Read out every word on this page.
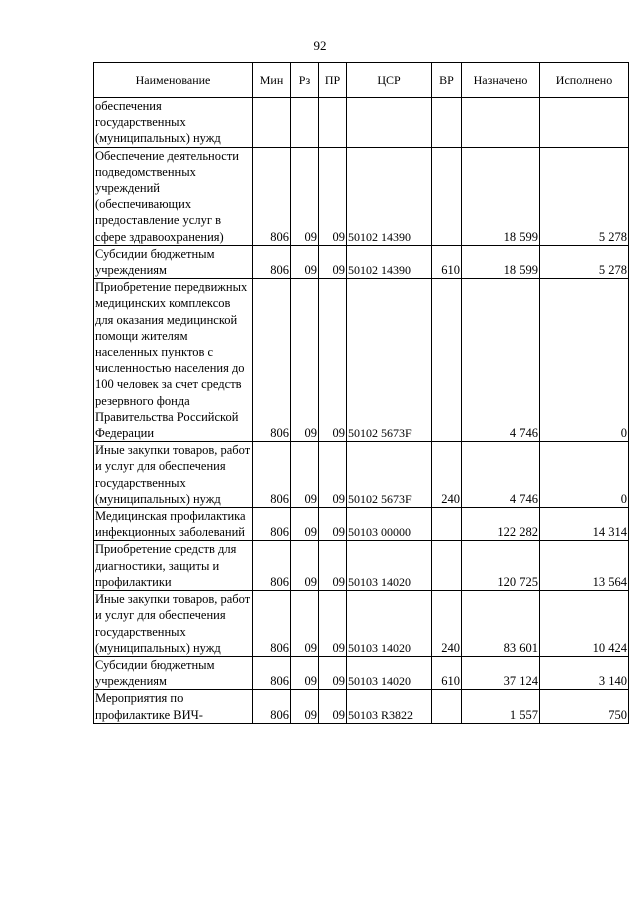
92
Наименование	Мин	Рз	ПР	ЦСР	ВР	Назначено	Исполнено
обеспечения государственных (муниципальных) нужд							
Обеспечение деятельности подведомственных учреждений (обеспечивающих предоставление услуг в сфере здравоохранения)	806	09	09	50102 14390		18 599	5 278
Субсидии бюджетным учреждениям	806	09	09	50102 14390	610	18 599	5 278
Приобретение передвижных медицинских комплексов для оказания медицинской помощи жителям населенных пунктов с численностью населения до 100 человек за счет средств резервного фонда Правительства Российской Федерации	806	09	09	50102 5673F		4 746	0
Иные закупки товаров, работ и услуг для обеспечения государственных (муниципальных) нужд	806	09	09	50102 5673F	240	4 746	0
Медицинская профилактика инфекционных заболеваний	806	09	09	50103 00000		122 282	14 314
Приобретение средств для диагностики, защиты и профилактики	806	09	09	50103 14020		120 725	13 564
Иные закупки товаров, работ и услуг для обеспечения государственных (муниципальных) нужд	806	09	09	50103 14020	240	83 601	10 424
Субсидии бюджетным учреждениям	806	09	09	50103 14020	610	37 124	3 140
Мероприятия по профилактике ВИЧ-	806	09	09	50103 R3822		1 557	750
